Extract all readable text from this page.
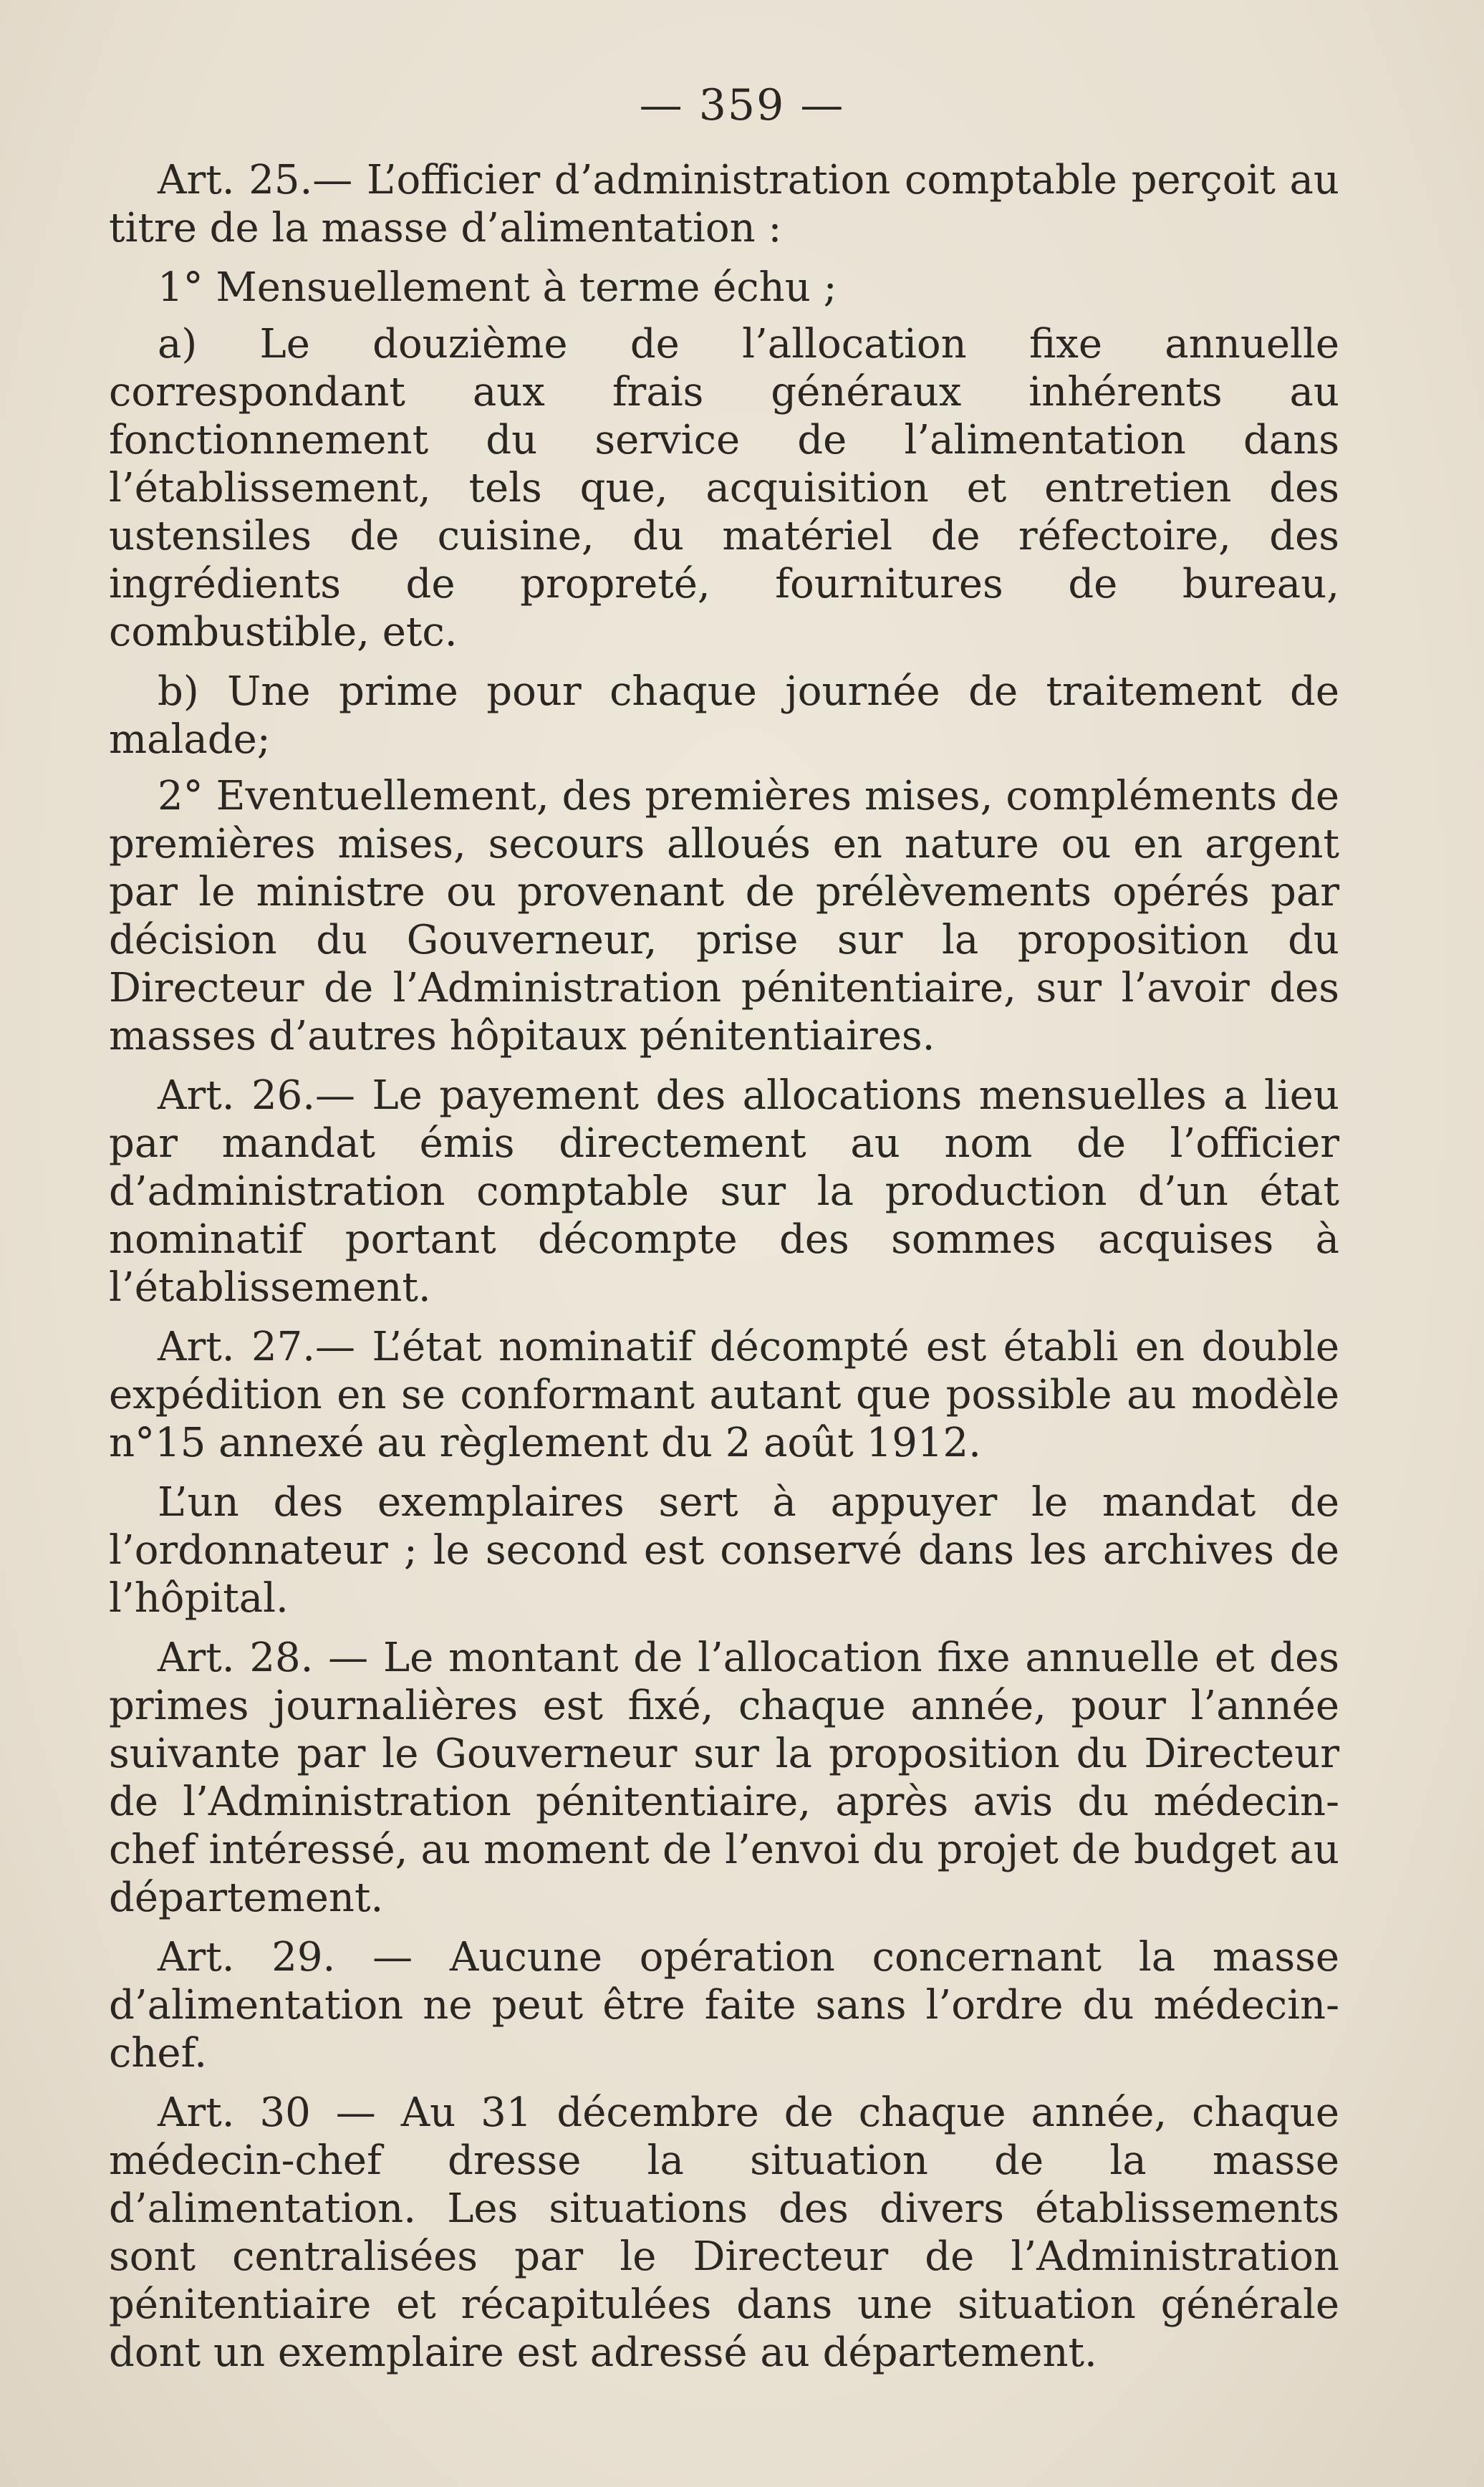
— 359 —

Art. 25.— L’officier d’administration comptable perçoit au titre de la masse d’alimentation :

1° Mensuellement à terme échu ;

a) Le douzième de l’allocation fixe annuelle correspondant aux frais généraux inhérents au fonctionnement du service de l’alimentation dans l’établissement, tels que, acquisition et entretien des ustensiles de cuisine, du matériel de réfectoire, des ingrédients de propreté, fournitures de bureau, combustible, etc.

b) Une prime pour chaque journée de traitement de malade;

2° Eventuellement, des premières mises, compléments de premières mises, secours alloués en nature ou en argent par le ministre ou provenant de prélèvements opérés par décision du Gouverneur, prise sur la proposition du Directeur de l’Administration pénitentiaire, sur l’avoir des masses d’autres hôpitaux pénitentiaires.

Art. 26.— Le payement des allocations mensuelles a lieu par mandat émis directement au nom de l’officier d’administration comptable sur la production d’un état nominatif portant décompte des sommes acquises à l’établissement.

Art. 27.— L’état nominatif décompté est établi en double expédition en se conformant autant que possible au modèle n°15 annexé au règlement du 2 août 1912.

L’un des exemplaires sert à appuyer le mandat de l’ordonnateur ; le second est conservé dans les archives de l’hôpital.

Art. 28. — Le montant de l’allocation fixe annuelle et des primes journalières est fixé, chaque année, pour l’année suivante par le Gouverneur sur la proposition du Directeur de l’Administration pénitentiaire, après avis du médecin-chef intéressé, au moment de l’envoi du projet de budget au département.

Art. 29. — Aucune opération concernant la masse d’alimentation ne peut être faite sans l’ordre du médecin-chef.

Art. 30 — Au 31 décembre de chaque année, chaque médecin-chef dresse la situation de la masse d’alimentation. Les situations des divers établissements sont centralisées par le Directeur de l’Administration pénitentiaire et récapitulées dans une situation générale dont un exemplaire est adressé au département.
